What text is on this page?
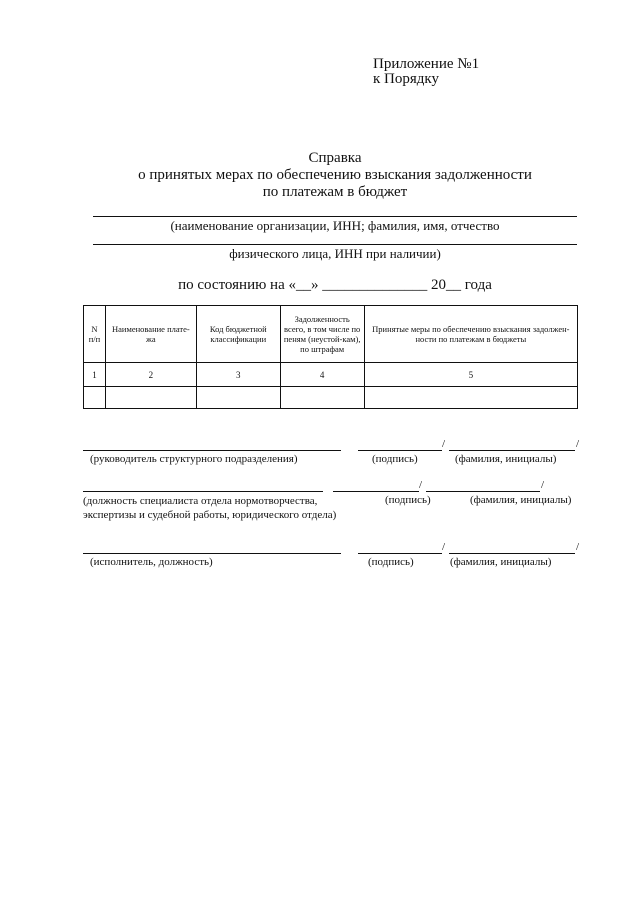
Приложение №1
к Порядку
Справка
о принятых мерах по обеспечению взыскания задолженности
по платежам в бюджет
(наименование организации, ИНН; фамилия, имя, отчество
физического лица, ИНН при наличии)
по состоянию на «__» ______________ 20__ года
N п/п	Наименование плате-жа	Код бюджетной классификации	Задолженность всего, в том числе по пеням (неустой-кам), по штрафам	Принятые меры по обеспечению взыскания задолжен-ности по платежам в бюджеты
1	2	3	4	5

/	/
(руководитель структурного подразделения)	(подпись)	(фамилия, инициалы)
/	/
(должность специалиста отдела нормотворчества,
экспертизы и судебной работы, юридического отдела)
(подпись)	(фамилия, инициалы)
/	/
(исполнитель, должность)	(подпись)	(фамилия, инициалы)
